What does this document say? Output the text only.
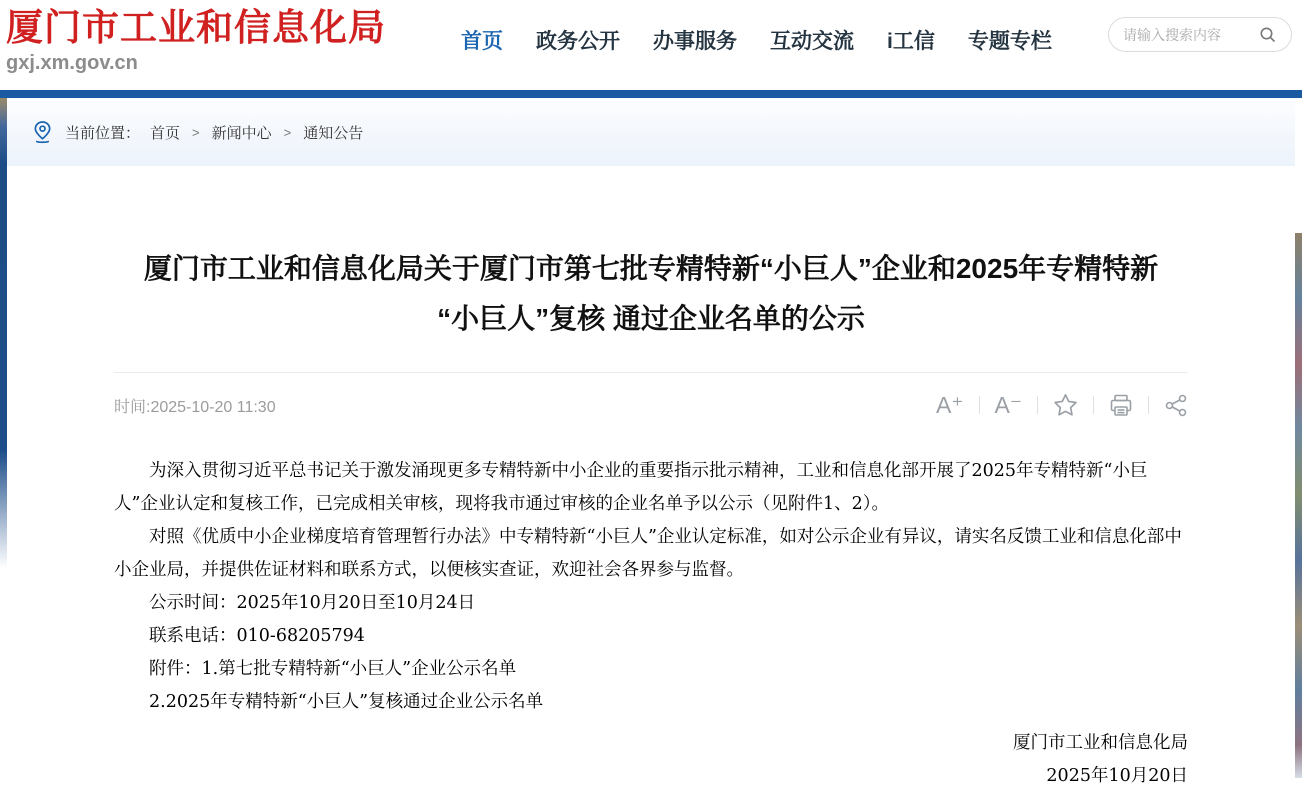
厦门市工业和信息化局
gxj.xm.gov.cn
首页 政务公开 办事服务 互动交流 i工信 专题专栏
请输入搜索内容
当前位置： 首页 > 新闻中心 > 通知公告
厦门市工业和信息化局关于厦门市第七批专精特新“小巨人”企业和2025年专精特新
“小巨人”复核 通过企业名单的公示
时间:2025-10-20 11:30	A⁺ A⁻

为深入贯彻习近平总书记关于激发涌现更多专精特新中小企业的重要指示批示精神，工业和信息化部开展了2025年专精特新“小巨人”企业认定和复核工作，已完成相关审核，现将我市通过审核的企业名单予以公示（见附件1、2）。

对照《优质中小企业梯度培育管理暂行办法》中专精特新“小巨人”企业认定标准，如对公示企业有异议，请实名反馈工业和信息化部中小企业局，并提供佐证材料和联系方式，以便核实查证，欢迎社会各界参与监督。

公示时间：2025年10月20日至10月24日

联系电话：010-68205794

附件：1.第七批专精特新“小巨人”企业公示名单

2.2025年专精特新“小巨人”复核通过企业公示名单

厦门市工业和信息化局
2025年10月20日
